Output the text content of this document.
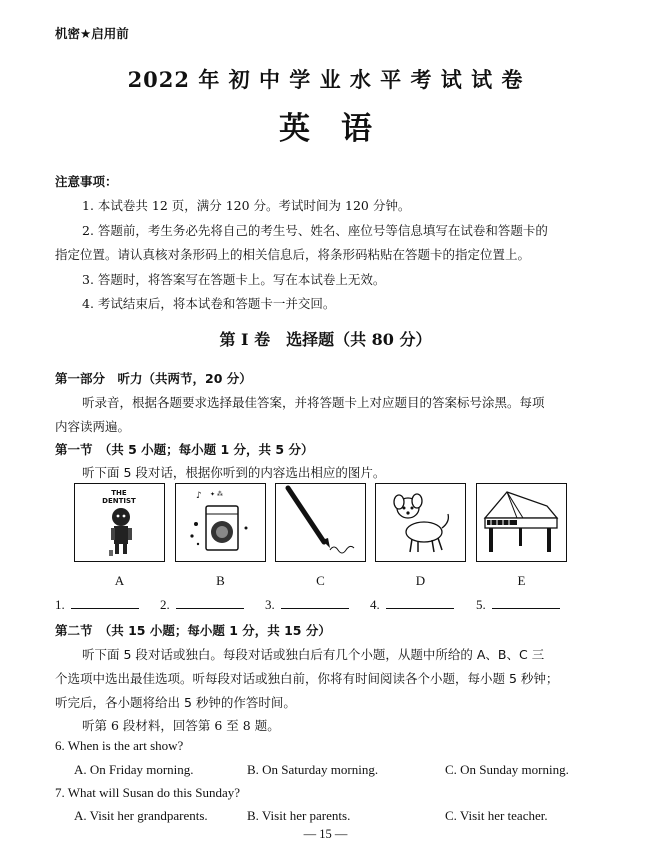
机密★启用前
2022 年 初 中 学 业 水 平 考 试 试 卷
英　语
注意事项：
1. 本试卷共 12 页，满分 120 分。考试时间为 120 分钟。
2. 答题前，考生务必先将自己的考生号、姓名、座位号等信息填写在试卷和答题卡的
指定位置。请认真核对条形码上的相关信息后，将条形码粘贴在答题卡的指定位置上。
3. 答题时，将答案写在答题卡上。写在本试卷上无效。
4. 考试结束后，将本试卷和答题卡一并交回。
第 I 卷　选择题（共 80 分）
第一部分　听力（共两节，20 分）
听录音，根据各题要求选择最佳答案，并将答题卡上对应题目的答案标号涂黑。每项
内容读两遍。
第一节　（共 5 小题；每小题 1 分，共 5 分）
听下面 5 段对话，根据你听到的内容选出相应的图片。
THE
DENTIST	♪ ✦ ⁂
A	B	C	D	E
1.	2.	3.	4.	5.
第二节　（共 15 小题；每小题 1 分，共 15 分）
听下面 5 段对话或独白。每段对话或独白后有几个小题，从题中所给的 A、B、C 三
个选项中选出最佳选项。听每段对话或独白前，你将有时间阅读各个小题，每小题 5 秒钟；
听完后，各小题将给出 5 秒钟的作答时间。
听第 6 段材料，回答第 6 至 8 题。
6. When is the art show?
A. On Friday morning.	B. On Saturday morning.	C. On Sunday morning.
7. What will Susan do this Sunday?
A. Visit her grandparents.	B. Visit her parents.	C. Visit her teacher.
— 15 —
